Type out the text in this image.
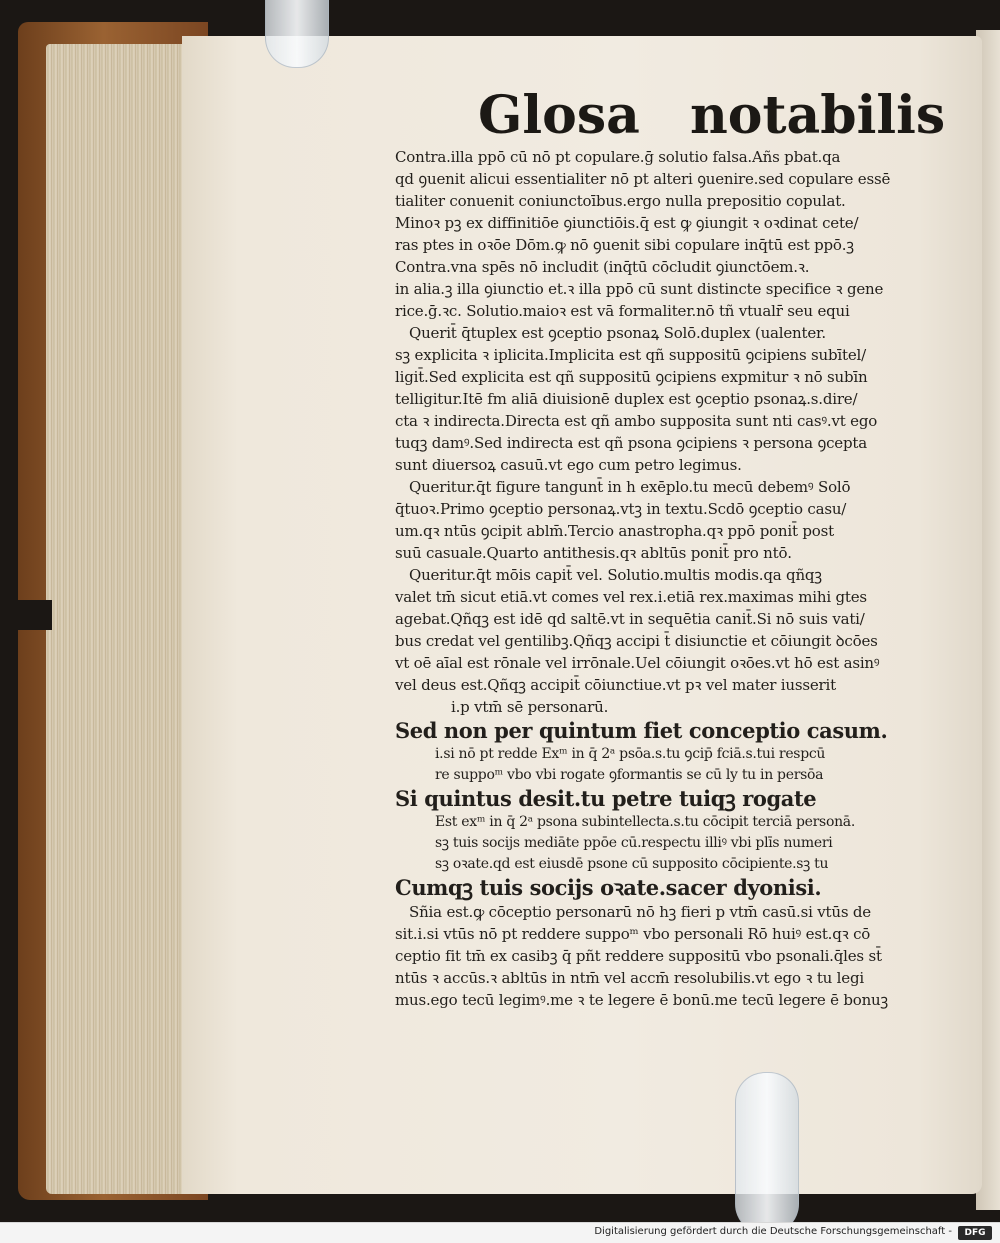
Glosa notabilis
Contra.illa ppō cū nō pt copulare.ḡ solutio falsa.Añs pbat.qa
qd ꝯuenit alicui essentialiter nō pt alteri ꝯuenire.sed copulare essē
tialiter conuenit coniunctoībus.ergo nulla prepositio copulat.
Minoꝛ pꝫ ex diffinitiōe ꝯiunctiōis.q̄ est ꝙ ꝯiungit ꝛ oꝛdinat cete/
ras ptes in oꝛōe Dōm.ꝙ nō ꝯuenit sibi copulare inq̄tū est ppō.ꝫ
Contra.vna spēs nō includit (inq̄tū cōcludit ꝯiunctōem.ꝛ.
in alia.ꝫ illa ꝯiunctio et.ꝛ illa ppō cū sunt distincte specifice ꝛ gene
rice.ḡ.ꝛc. Solutio.maioꝛ est vā formaliter.nō tñ vtualr̄ seu equi
Querit̄ q̄tuplex est ꝯceptio psonaꝝ Solō.duplex (ualenter.
sꝫ explicita ꝛ iplicita.Implicita est qñ suppositū ꝯcipiens subītel/
ligit̄.Sed explicita est qñ suppositū ꝯcipiens expmitur ꝛ nō subīn
telligitur.Itē fm aliā diuisionē duplex est ꝯceptio psonaꝝ.s.dire/
cta ꝛ indirecta.Directa est qñ ambo supposita sunt nti casꝰ.vt ego
tuqꝫ damꝰ.Sed indirecta est qñ psona ꝯcipiens ꝛ persona ꝯcepta
sunt diuersoꝝ casuū.vt ego cum petro legimus.
Queritur.q̄t figure tangunt̄ in h exēplo.tu mecū debemꝰ Solō
q̄tuoꝛ.Primo ꝯceptio personaꝝ.vtꝫ in textu.Scdō ꝯceptio casu/
um.qꝛ ntūs ꝯcipit ablm̄.Tercio anastropha.qꝛ ppō ponit̄ post
suū casuale.Quarto antithesis.qꝛ abltūs ponit̄ pro ntō.
Queritur.q̄t mōis capit̄ vel. Solutio.multis modis.qa qñqꝫ
valet tm̄ sicut etiā.vt comes vel rex.i.etiā rex.maximas mihi gtes
agebat.Qñqꝫ est idē qd saltē.vt in sequētia canit̄.Si nō suis vati/
bus credat vel gentilibꝫ.Qñqꝫ accipi t̄ disiunctie et cōiungit ꝺcōes
vt oē aīal est rōnale vel irrōnale.Uel cōiungit oꝛōes.vt hō est asinꝰ
vel deus est.Qñqꝫ accipit̄ cōiunctiue.vt pꝛ vel mater iusserit
i.p vtm̄ sē personarū.
Sed non per quintum fiet conceptio casum.
i.si nō pt redde Exᵐ in q̄ 2ᵃ psōa.s.tu ꝯcip̄ fciā.s.tui respcū
re suppoᵐ vbo vbi rogate ꝯformantis se cū ly tu in persōa
Si quintus desit.tu petre tuiqꝫ rogate
Est exᵐ in q̄ 2ᵃ psona subintellecta.s.tu cōcipit terciā personā.
sꝫ tuis socijs mediāte ppōe cū.respectu illiꝰ vbi plīs numeri
sꝫ oꝛate.qd est eiusdē psone cū supposito cōcipiente.sꝫ tu
Cumqꝫ tuis socijs oꝛate.sacer dyonisi.
Sñia est.ꝙ cōceptio personarū nō hꝫ fieri p vtm̄ casū.si vtūs de
sit.i.si vtūs nō pt reddere suppoᵐ vbo personali Rō huiꝰ est.qꝛ cō
ceptio fit tm̄ ex casibꝫ q̄ pñt reddere suppositū vbo psonali.q̄les st̄
ntūs ꝛ accūs.ꝛ abltūs in ntm̄ vel accm̄ resolubilis.vt ego ꝛ tu legi
mus.ego tecū legimꝰ.me ꝛ te legere ē bonū.me tecū legere ē bonuꝫ
Digitalisierung gefördert durch die Deutsche Forschungsgemeinschaft -	DFG
